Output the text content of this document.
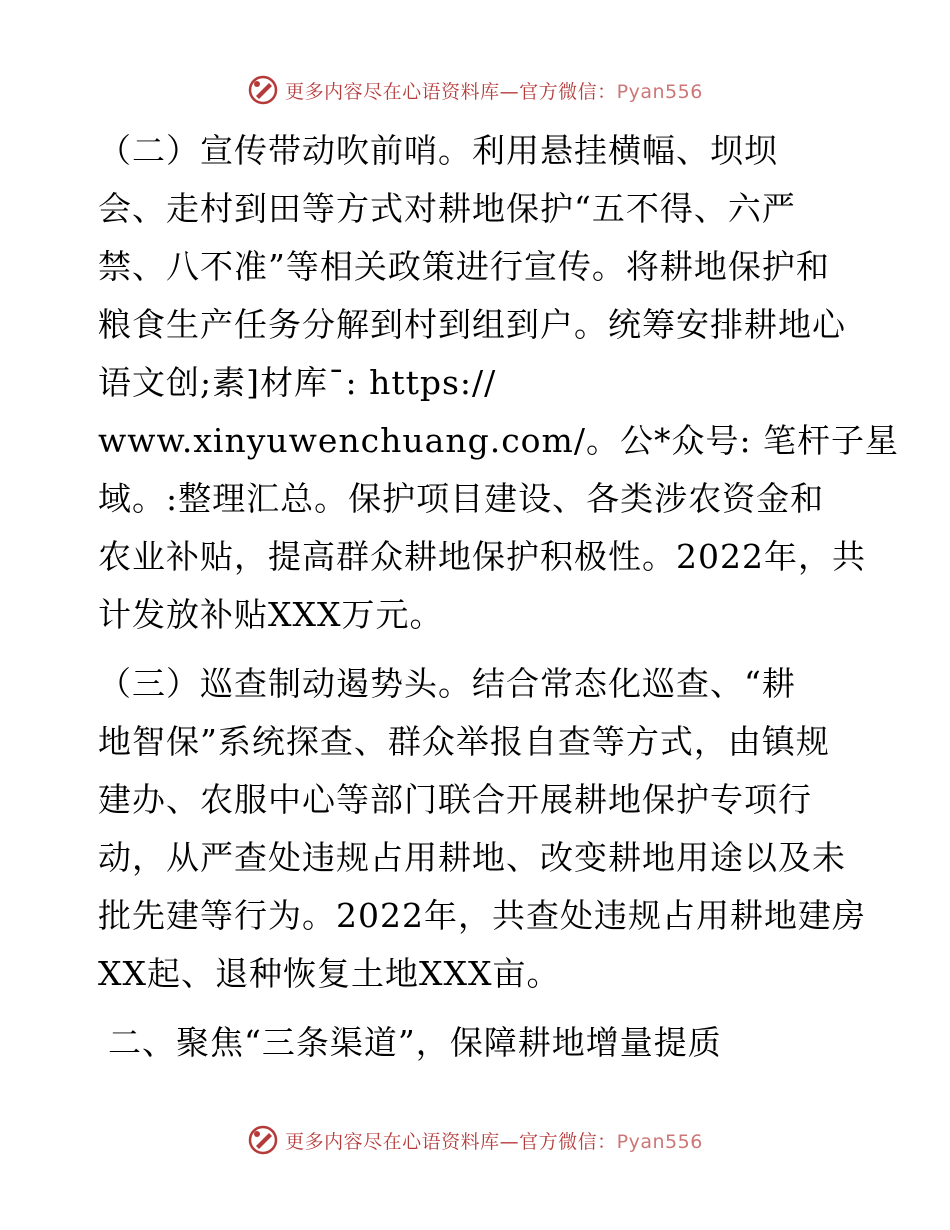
更多内容尽在心语资料库—官方微信：Pyan556
（二）宣传带动吹前哨。利用悬挂横幅、坝坝
会、走村到田等方式对耕地保护“五不得、六严
禁、八不准”等相关政策进行宣传。将耕地保护和
粮食生产任务分解到村到组到户。统筹安排耕地心
语文创;素]材库¯: https://
www.xinyuwenchuang.com/。公*众号: 笔杆子星
域。:整理汇总。保护项目建设、各类涉农资金和
农业补贴，提高群众耕地保护积极性。2022年，共
计发放补贴XXX万元。
（三）巡查制动遏势头。结合常态化巡查、“耕
地智保”系统探查、群众举报自查等方式，由镇规
建办、农服中心等部门联合开展耕地保护专项行
动，从严查处违规占用耕地、改变耕地用途以及未
批先建等行为。2022年，共查处违规占用耕地建房
XX起、退种恢复土地XXX亩。
二、聚焦“三条渠道”，保障耕地增量提质
更多内容尽在心语资料库—官方微信：Pyan556
